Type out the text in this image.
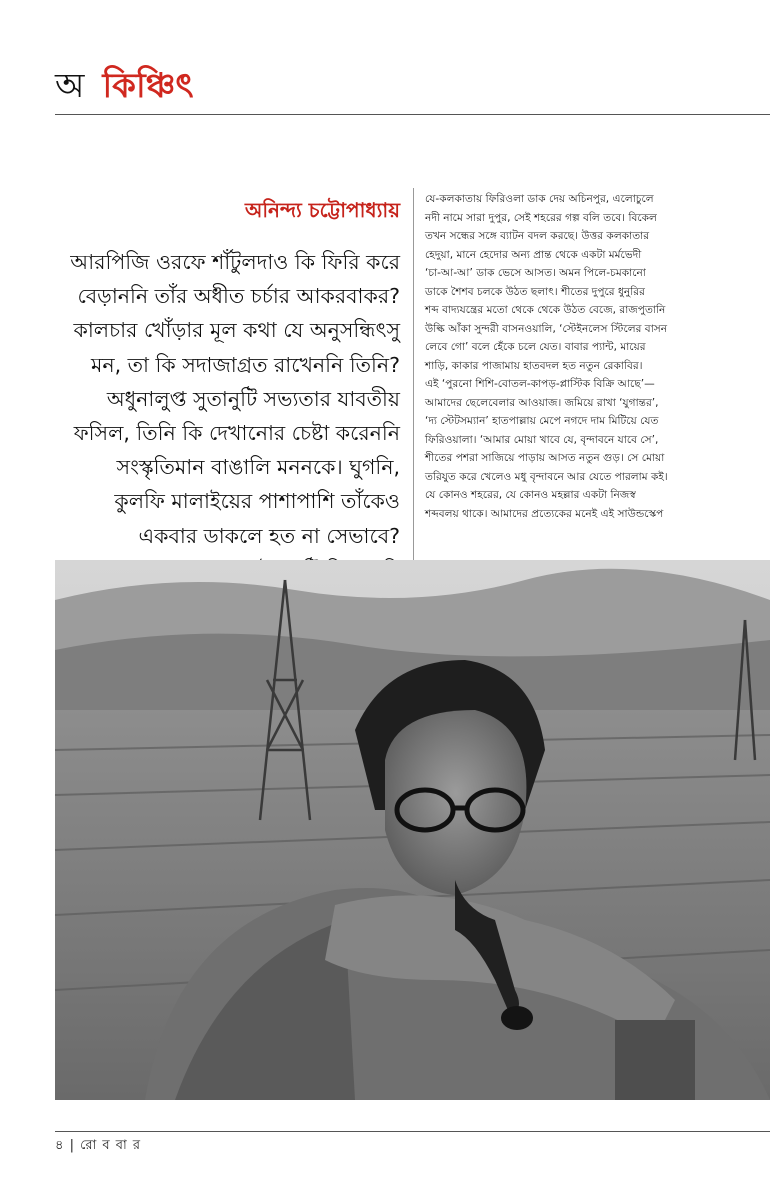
অ কিঞ্চিৎ
অনিন্দ্য চট্টোপাধ্যায়

আরপিজি ওরফে শাঁটুলদাও কি ফিরি করে

বেড়াননি তাঁর অধীত চর্চার আকরবাকর?

কালচার খোঁড়ার মূল কথা যে অনুসন্ধিৎসু

মন, তা কি সদাজাগ্রত রাখেননি তিনি?

অধুনালুপ্ত সুতানুটি সভ্যতার যাবতীয়

ফসিল, তিনি কি দেখানোর চেষ্টা করেননি

সংস্কৃতিমান বাঙালি মননকে। ঘুগনি,

কুলফি মালাইয়ের পাশাপাশি তাঁকেও

একবার ডাকলে হত না সেভাবে?

যে-কলকাতায় ফিরিওলা ডাক দেয় অচিনপুর, এলোচুলে

নদী নামে সারা দুপুর, সেই শহরের গল্প বলি তবে। বিকেল

তখন সন্ধের সঙ্গে ব্যাটন বদল করছে। উত্তর কলকাতার

হেদুয়া, মানে হেদোর অন্য প্রান্ত থেকে একটা মর্মভেদী

‘চা-আ-আ’ ডাক ভেসে আসত। অমন পিলে-চমকানো

ডাকে শৈশব চলকে উঠত ছলাৎ। শীতের দুপুরে ধুনুরির

শব্দ বাদ্যযন্ত্রের মতো থেকে থেকে উঠত বেজে, রাজপুতানি

উল্কি আঁকা সুন্দরী বাসনওয়ালি, ‘স্টেইনলেস স্টিলের বাসন

লেবে গো’ বলে হেঁকে চলে যেত। বাবার প্যান্ট, মায়ের

শাড়ি, কাকার পাজামায় হাতবদল হত নতুন রেকাবির।

এই ‘পুরনো শিশি-বোতল-কাপড়-প্লাস্টিক বিক্রি আছে’—

আমাদের ছেলেবেলার আওয়াজ। জমিয়ে রাখা ‘যুগান্তর’,

‘দ্য স্টেটসম্যান’ হাতপাল্লায় মেপে নগদে দাম মিটিয়ে যেত

ফিরিওয়ালা। ‘আমার মোয়া খাবে যে, বৃন্দাবনে যাবে সে’,

শীতের পশরা সাজিয়ে পাড়ায় আসত নতুন গুড়। সে মোয়া

তরিযুত করে খেলেও মধু বৃন্দাবনে আর যেতে পারলাম কই।

যে কোনও শহরের, যে কোনও মহল্লার একটা নিজস্ব

শব্দবলয় থাকে। আমাদের প্রত্যেকের মনেই এই সাউন্ডস্কেপ

৪ | রো ব বা র
